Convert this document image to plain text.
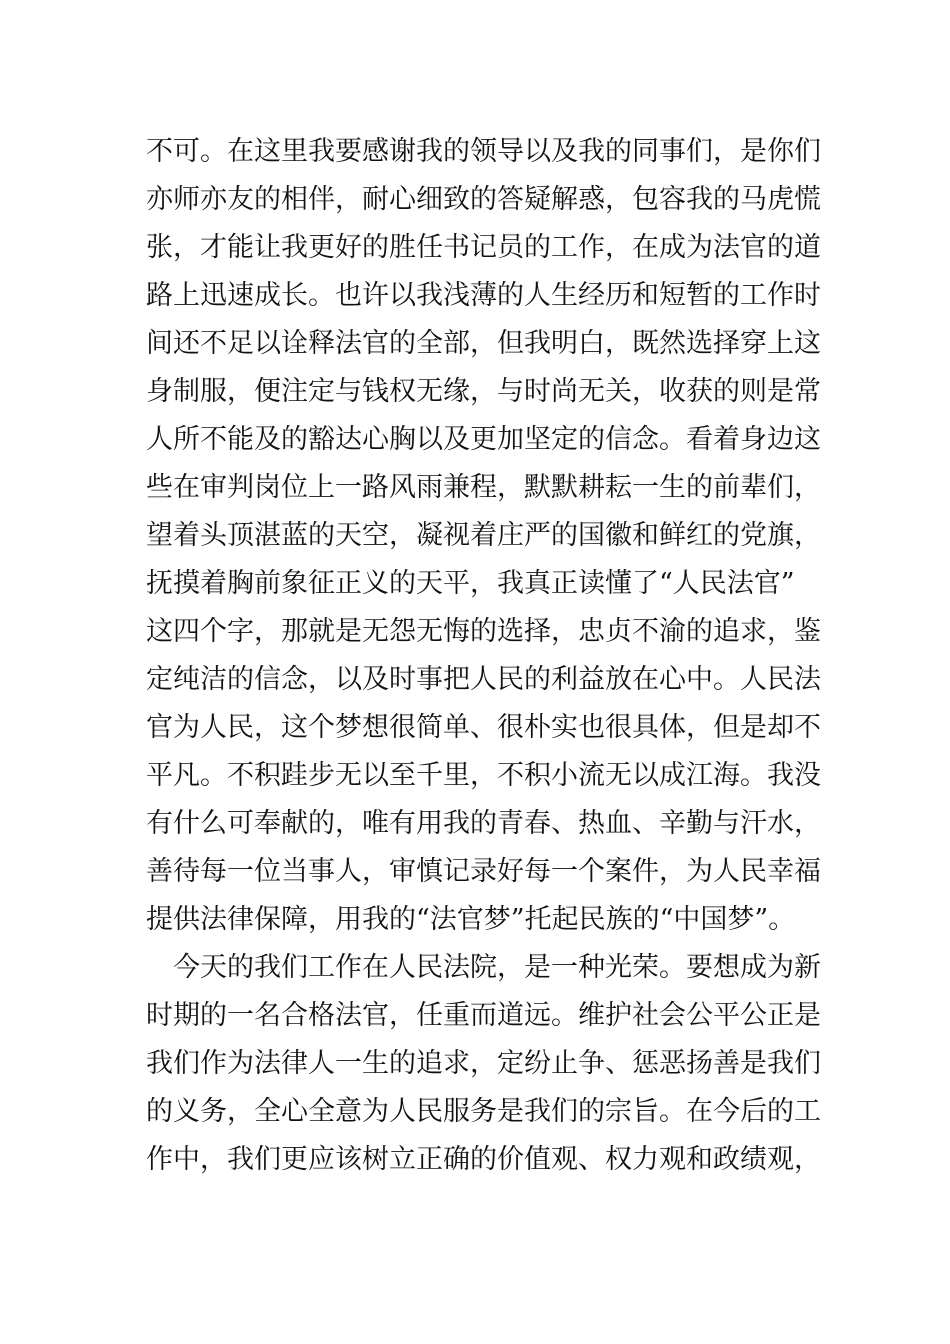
不可。在这里我要感谢我的领导以及我的同事们，是你们
亦师亦友的相伴，耐心细致的答疑解惑，包容我的马虎慌
张，才能让我更好的胜任书记员的工作，在成为法官的道
路上迅速成长。也许以我浅薄的人生经历和短暂的工作时
间还不足以诠释法官的全部，但我明白，既然选择穿上这
身制服，便注定与钱权无缘，与时尚无关，收获的则是常
人所不能及的豁达心胸以及更加坚定的信念。看着身边这
些在审判岗位上一路风雨兼程，默默耕耘一生的前辈们，
望着头顶湛蓝的天空，凝视着庄严的国徽和鲜红的党旗，
抚摸着胸前象征正义的天平，我真正读懂了“人民法官”
这四个字，那就是无怨无悔的选择，忠贞不渝的追求，鉴
定纯洁的信念，以及时事把人民的利益放在心中。人民法
官为人民，这个梦想很简单、很朴实也很具体，但是却不
平凡。不积跬步无以至千里，不积小流无以成江海。我没
有什么可奉献的，唯有用我的青春、热血、辛勤与汗水，
善待每一位当事人，审慎记录好每一个案件，为人民幸福
提供法律保障，用我的“法官梦”托起民族的“中国梦”。
今天的我们工作在人民法院，是一种光荣。要想成为新
时期的一名合格法官，任重而道远。维护社会公平公正是
我们作为法律人一生的追求，定纷止争、惩恶扬善是我们
的义务，全心全意为人民服务是我们的宗旨。在今后的工
作中，我们更应该树立正确的价值观、权力观和政绩观，
